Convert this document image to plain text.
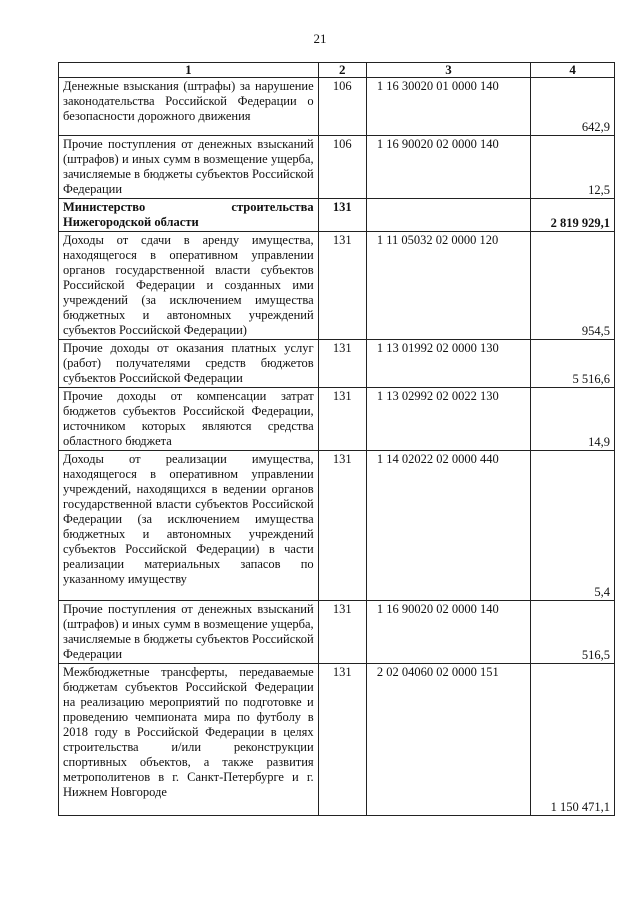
21
1	2	3	4
Денежные взыскания (штрафы) за нарушение законодательства Российской Федерации о безопасности дорожного движения	106	1 16 30020 01 0000 140	642,9
Прочие поступления от денежных взысканий (штрафов) и иных сумм в возмещение ущерба, зачисляемые в бюджеты субъектов Российской Федерации	106	1 16 90020 02 0000 140	12,5
Министерство строительства Нижегородской области	131		2 819 929,1
Доходы от сдачи в аренду имущества, находящегося в оперативном управлении органов государственной власти субъектов Российской Федерации и созданных ими учреждений (за исключением имущества бюджетных и автономных учреждений субъектов Российской Федерации)	131	1 11 05032 02 0000 120	954,5
Прочие доходы от оказания платных услуг (работ) получателями средств бюджетов субъектов Российской Федерации	131	1 13 01992 02 0000 130	5 516,6
Прочие доходы от компенсации затрат бюджетов субъектов Российской Федерации, источником которых являются средства областного бюджета	131	1 13 02992 02 0022 130	14,9
Доходы от реализации имущества, находящегося в оперативном управлении учреждений, находящихся в ведении органов государственной власти субъектов Российской Федерации (за исключением имущества бюджетных и автономных учреждений субъектов Российской Федерации) в части реализации материальных запасов по указанному имуществу	131	1 14 02022 02 0000 440	5,4
Прочие поступления от денежных взысканий (штрафов) и иных сумм в возмещение ущерба, зачисляемые в бюджеты субъектов Российской Федерации	131	1 16 90020 02 0000 140	516,5
Межбюджетные трансферты, передаваемые бюджетам субъектов Российской Федерации на реализацию мероприятий по подготовке и проведению чемпионата мира по футболу в 2018 году в Российской Федерации в целях строительства и/или реконструкции спортивных объектов, а также развития метрополитенов в г. Санкт-Петербурге и г. Нижнем Новгороде	131	2 02 04060 02 0000 151	1 150 471,1
